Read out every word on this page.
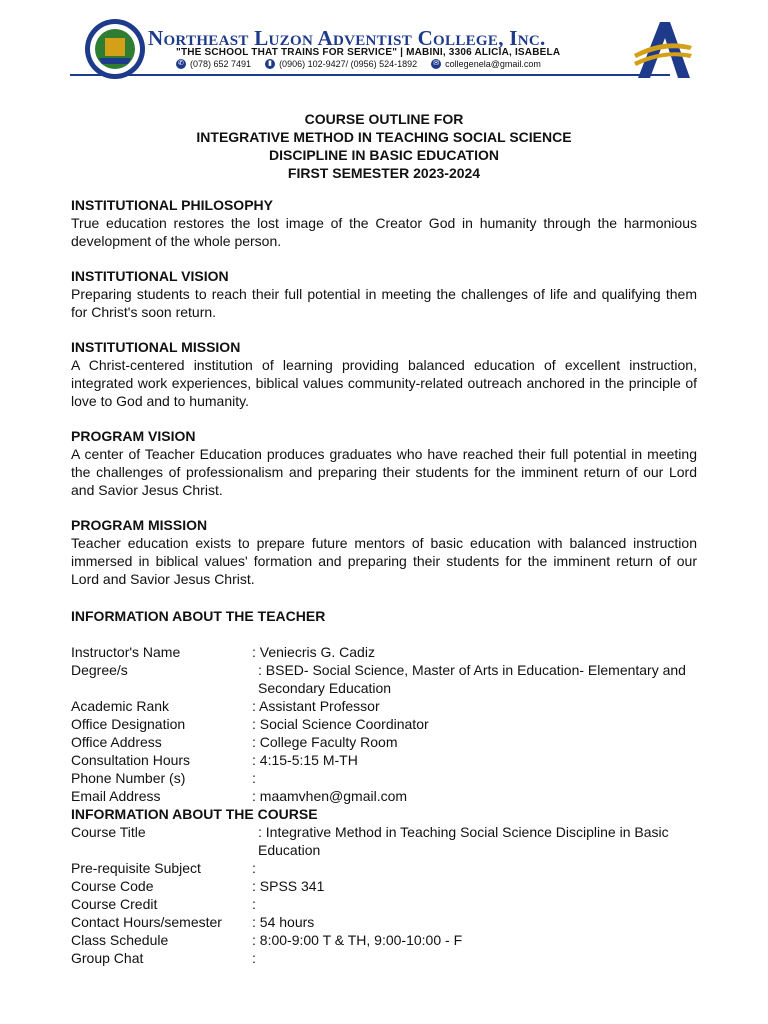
Northeast Luzon Adventist College, Inc.
"THE SCHOOL THAT TRAINS FOR SERVICE" | MABINI, 3306 ALICIA, ISABELA
✆ (078) 652 7491	▮ (0906) 102-9427/ (0956) 524-1892 ✉ collegenela@gmail.com
COURSE OUTLINE FOR
INTEGRATIVE METHOD IN TEACHING SOCIAL SCIENCE
DISCIPLINE IN BASIC EDUCATION
FIRST SEMESTER 2023-2024
INSTITUTIONAL PHILOSOPHY

True education restores the lost image of the Creator God in humanity through the harmonious development of the whole person.

INSTITUTIONAL VISION

Preparing students to reach their full potential in meeting the challenges of life and qualifying them for Christ's soon return.

INSTITUTIONAL MISSION

A Christ-centered institution of learning providing balanced education of excellent instruction, integrated work experiences, biblical values community-related outreach anchored in the principle of love to God and to humanity.

PROGRAM VISION

A center of Teacher Education produces graduates who have reached their full potential in meeting the challenges of professionalism and preparing their students for the imminent return of our Lord and Savior Jesus Christ.

PROGRAM MISSION

Teacher education exists to prepare future mentors of basic education with balanced instruction immersed in biblical values' formation and preparing their students for the imminent return of our Lord and Savior Jesus Christ.

INFORMATION ABOUT THE TEACHER
Instructor's Name	: Veniecris G. Cadiz
Degree/s	: BSED- Social Science, Master of Arts in Education- Elementary and Secondary Education
Academic Rank	: Assistant Professor
Office Designation	: Social Science Coordinator
Office Address	: College Faculty Room
Consultation Hours	: 4:15-5:15 M-TH
Phone Number (s)	:
Email Address	: maamvhen@gmail.com
INFORMATION ABOUT THE COURSE
Course Title	: Integrative Method in Teaching Social Science Discipline in Basic Education
Pre-requisite Subject	:
Course Code	: SPSS 341
Course Credit	:
Contact Hours/semester	: 54 hours
Class Schedule	: 8:00-9:00 T & TH, 9:00-10:00 - F
Group Chat	:
